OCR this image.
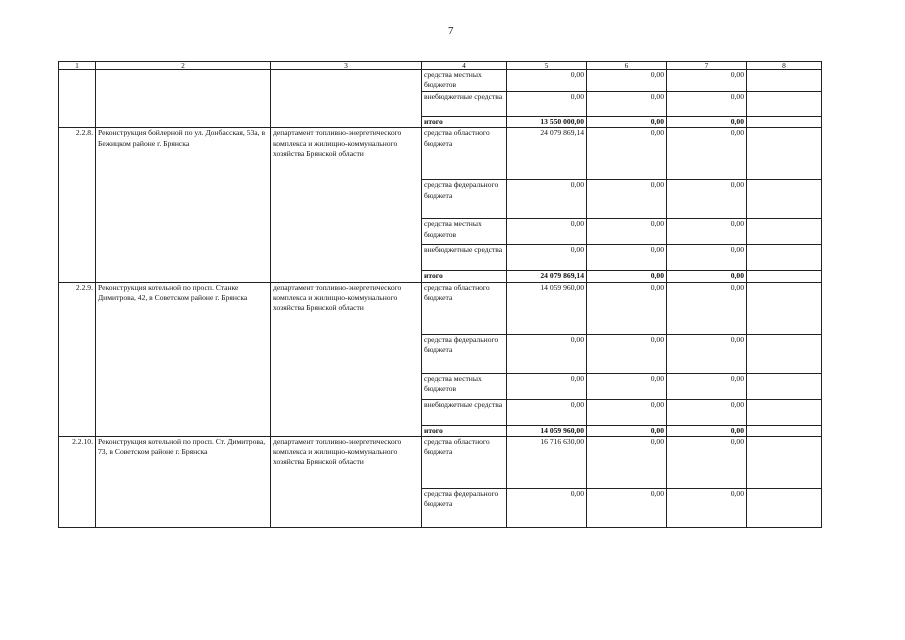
7
1	2	3	4	5	6	7	8
			средства местных бюджетов	0,00	0,00	0,00	
			внебюджетные средства	0,00	0,00	0,00	
			итого	13 550 000,00	0,00	0,00	
2.2.8.	Реконструкция бойлерной по ул. Донбасская, 53а, в Бежицком районе г. Брянска	департамент топливно-энергетического комплекса и жилищно-коммунального хозяйства Брянской области	средства областного бюджета	24 079 869,14	0,00	0,00	
			средства федерального бюджета	0,00	0,00	0,00	
			средства местных бюджетов	0,00	0,00	0,00	
			внебюджетные средства	0,00	0,00	0,00	
			итого	24 079 869,14	0,00	0,00	
2.2.9.	Реконструкция котельной по просп. Станке Димитрова, 42, в Советском районе г. Брянска	департамент топливно-энергетического комплекса и жилищно-коммунального хозяйства Брянской области	средства областного бюджета	14 059 960,00	0,00	0,00	
			средства федерального бюджета	0,00	0,00	0,00	
			средства местных бюджетов	0,00	0,00	0,00	
			внебюджетные средства	0,00	0,00	0,00	
			итого	14 059 960,00	0,00	0,00	
2.2.10.	Реконструкция котельной по просп. Ст. Димитрова, 73, в Советском районе г. Брянска	департамент топливно-энергетического комплекса и жилищно-коммунального хозяйства Брянской области	средства областного бюджета	16 716 630,00	0,00	0,00	
			средства федерального бюджета	0,00	0,00	0,00	
